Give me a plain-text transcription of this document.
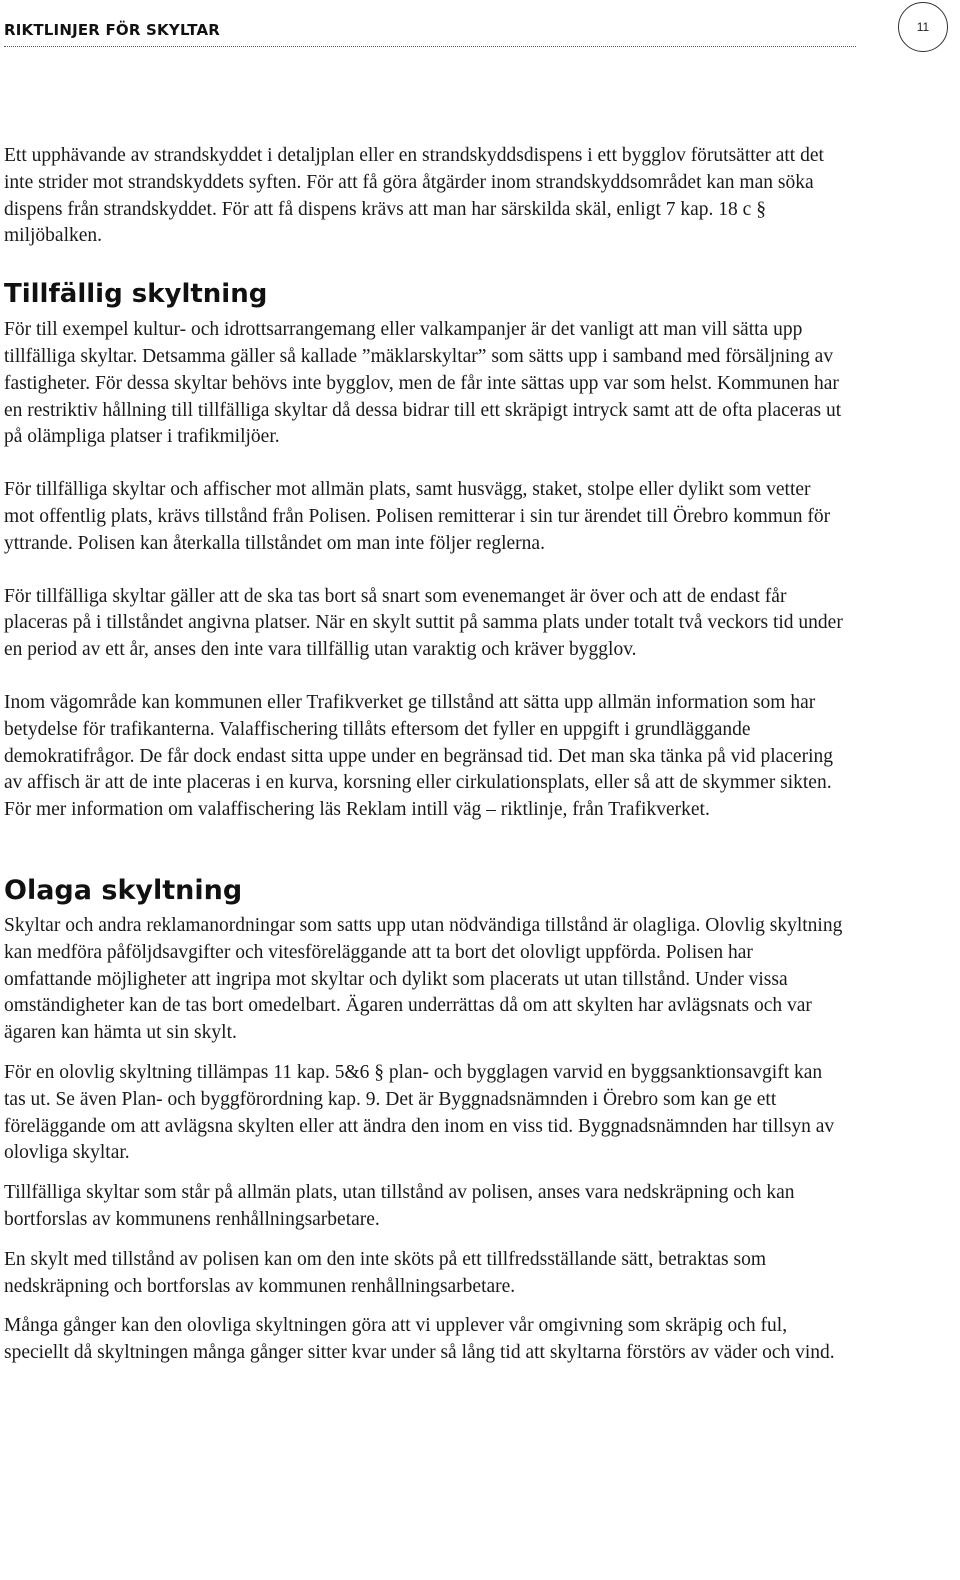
RIKTLINJER FÖR SKYLTAR	11

Ett upphävande av strandskyddet i detaljplan eller en strandskyddsdispens i ett bygglov förutsätter att det inte strider mot strandskyddets syften. För att få göra åtgärder inom strandskyddsområdet kan man söka dispens från strandskyddet. För att få dispens krävs att man har särskilda skäl, enligt 7 kap. 18 c § miljöbalken.

Tillfällig skyltning

För till exempel kultur- och idrottsarrangemang eller valkampanjer är det vanligt att man vill sätta upp tillfälliga skyltar. Detsamma gäller så kallade ”mäklarskyltar” som sätts upp i samband med försäljning av fastigheter. För dessa skyltar behövs inte bygglov, men de får inte sättas upp var som helst. Kommunen har en restriktiv hållning till tillfälliga skyltar då dessa bidrar till ett skräpigt intryck samt att de ofta placeras ut på olämpliga platser i trafikmiljöer.

För tillfälliga skyltar och affischer mot allmän plats, samt husvägg, staket, stolpe eller dylikt som vetter mot offentlig plats, krävs tillstånd från Polisen. Polisen remitterar i sin tur ärendet till Örebro kommun för yttrande. Polisen kan återkalla tillståndet om man inte följer reglerna.

För tillfälliga skyltar gäller att de ska tas bort så snart som evenemanget är över och att de endast får placeras på i tillståndet angivna platser. När en skylt suttit på samma plats under totalt två veckors tid under en period av ett år, anses den inte vara tillfällig utan varaktig och kräver bygglov.

Inom vägområde kan kommunen eller Trafikverket ge tillstånd att sätta upp allmän information som har betydelse för trafikanterna. Valaffischering tillåts eftersom det fyller en uppgift i grundläggande demokratifrågor. De får dock endast sitta uppe under en begränsad tid. Det man ska tänka på vid placering av affisch är att de inte placeras i en kurva, korsning eller cirkulationsplats, eller så att de skymmer sikten. För mer information om valaffischering läs Reklam intill väg – riktlinje, från Trafikverket.

Olaga skyltning

Skyltar och andra reklamanordningar som satts upp utan nödvändiga tillstånd är olagliga. Olovlig skyltning kan medföra påföljdsavgifter och vitesföreläggande att ta bort det olovligt uppförda. Polisen har omfattande möjligheter att ingripa mot skyltar och dylikt som placerats ut utan tillstånd. Under vissa omständigheter kan de tas bort omedelbart. Ägaren underrättas då om att skylten har avlägsnats och var ägaren kan hämta ut sin skylt.

För en olovlig skyltning tillämpas 11 kap. 5&6 § plan- och bygglagen varvid en byggsanktionsavgift kan tas ut. Se även Plan- och byggförordning kap. 9. Det är Byggnadsnämnden i Örebro som kan ge ett föreläggande om att avlägsna skylten eller att ändra den inom en viss tid. Byggnadsnämnden har tillsyn av olovliga skyltar.

Tillfälliga skyltar som står på allmän plats, utan tillstånd av polisen, anses vara nedskräpning och kan bortforslas av kommunens renhållningsarbetare.

En skylt med tillstånd av polisen kan om den inte sköts på ett tillfredsställande sätt, betraktas som nedskräpning och bortforslas av kommunen renhållningsarbetare.

Många gånger kan den olovliga skyltningen göra att vi upplever vår omgivning som skräpig och ful, speciellt då skyltningen många gånger sitter kvar under så lång tid att skyltarna förstörs av väder och vind.
